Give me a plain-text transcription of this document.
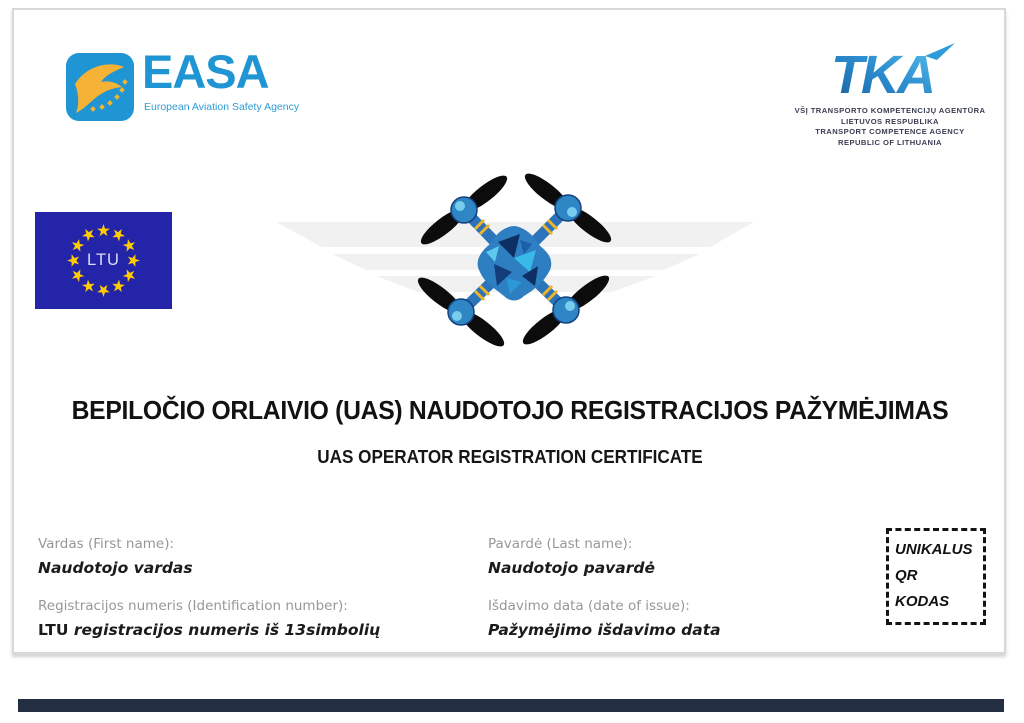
EASA
European Aviation Safety Agency
TKA
VŠĮ TRANSPORTO KOMPETENCIJŲ AGENTŪRA
LIETUVOS RESPUBLIKA
TRANSPORT COMPETENCE AGENCY
REPUBLIC OF LITHUANIA
LTU
BEPILOČIO ORLAIVIO (UAS) NAUDOTOJO REGISTRACIJOS PAŽYMĖJIMAS
UAS OPERATOR REGISTRATION CERTIFICATE
Vardas (First name):
Naudotojo vardas
Pavardė (Last name):
Naudotojo pavardė
Registracijos numeris (Identification number):
LTU registracijos numeris iš 13simbolių
Išdavimo data (date of issue):
Pažymėjimo išdavimo data
UNIKALUS
QR
KODAS
